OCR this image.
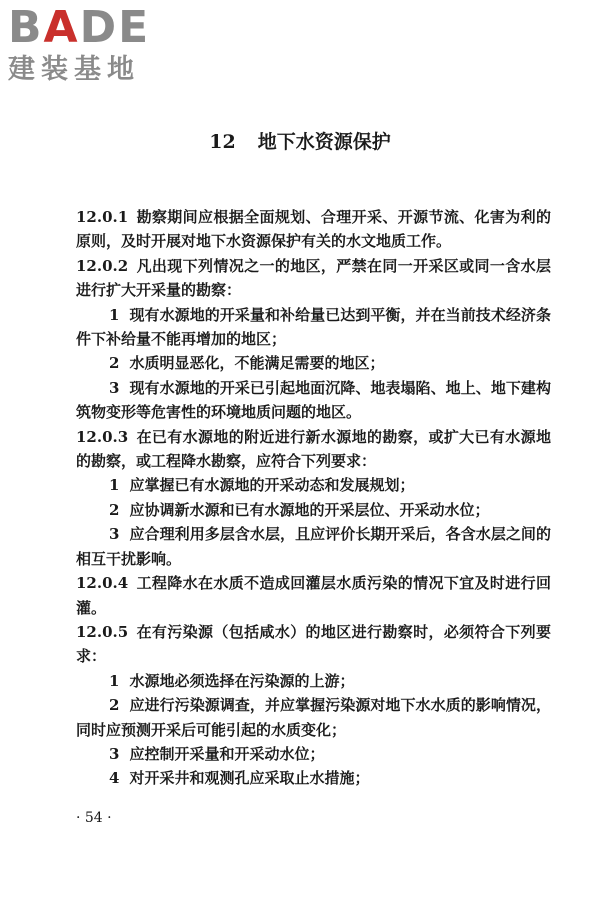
BADE
建装基地
12 地下水资源保护

12.0.1 勘察期间应根据全面规划、合理开采、开源节流、化害为利的原则，及时开展对地下水资源保护有关的水文地质工作。

12.0.2 凡出现下列情况之一的地区，严禁在同一开采区或同一含水层进行扩大开采量的勘察：

1 现有水源地的开采量和补给量已达到平衡，并在当前技术经济条件下补给量不能再增加的地区；

2 水质明显恶化，不能满足需要的地区；

3 现有水源地的开采已引起地面沉降、地表塌陷、地上、地下建构筑物变形等危害性的环境地质问题的地区。

12.0.3 在已有水源地的附近进行新水源地的勘察，或扩大已有水源地的勘察，或工程降水勘察，应符合下列要求：

1 应掌握已有水源地的开采动态和发展规划；

2 应协调新水源和已有水源地的开采层位、开采动水位；

3 应合理利用多层含水层，且应评价长期开采后，各含水层之间的相互干扰影响。

12.0.4 工程降水在水质不造成回灌层水质污染的情况下宜及时进行回灌。

12.0.5 在有污染源（包括咸水）的地区进行勘察时，必须符合下列要求：

1 水源地必须选择在污染源的上游；

2 应进行污染源调查，并应掌握污染源对地下水水质的影响情况，同时应预测开采后可能引起的水质变化；

3 应控制开采量和开采动水位；

4 对开采井和观测孔应采取止水措施；

· 54 ·
